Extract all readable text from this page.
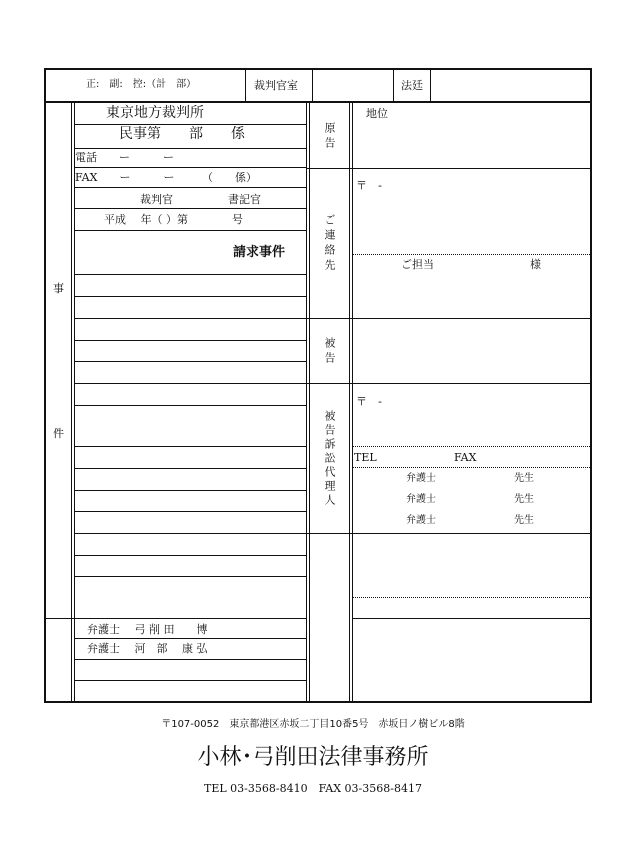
正:　副:　控:（計　部）	裁判官室	法廷
事
件
東京地方裁判所
民事第　　部　　係
電話　　ー　　　ー
FAX　　ー　　　ー　　　（　　係）
裁判官　　　　　書記官
平成　 年（ ）第　　　　号
請求事件
弁護士　 弓 削 田　　博
弁護士　 河　部　 康 弘
原告
地位
ご連絡先
〒　-
ご担当	様
被告
被告訴訟代理人
〒　-
TEL	FAX
弁護士	先生
弁護士	先生
弁護士	先生
〒107-0052　東京都港区赤坂二丁目10番5号　赤坂日ノ樹ビル8階
小林･弓削田法律事務所
TEL 03-3568-8410　FAX 03-3568-8417
